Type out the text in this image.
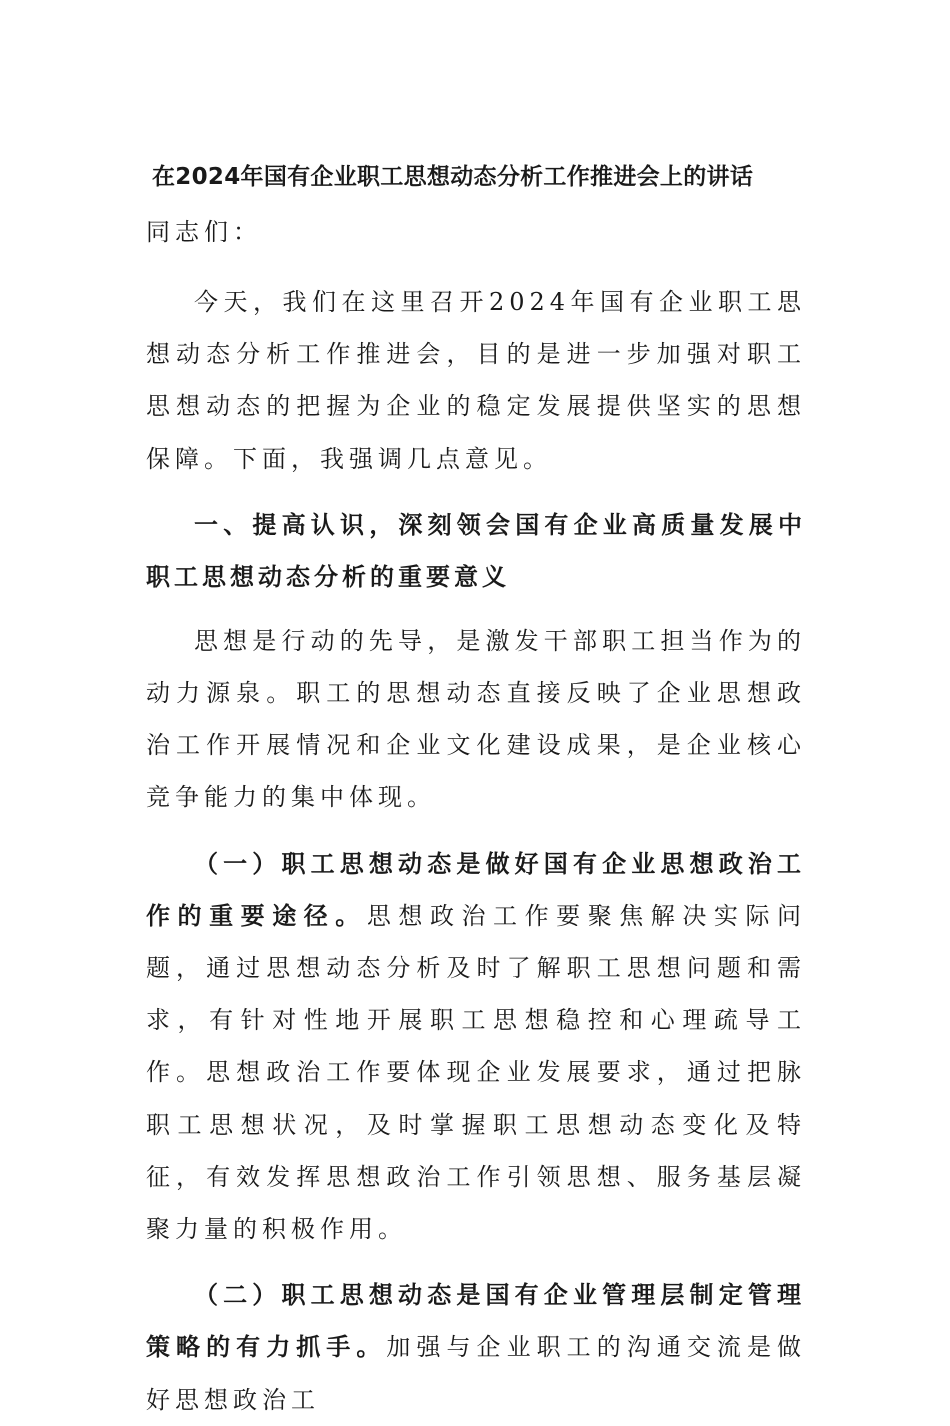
在2024年国有企业职工思想动态分析工作推进会上的讲话

同志们：

今天，我们在这里召开2024年国有企业职工思想动态分析工作推进会，目的是进一步加强对职工思想动态的把握为企业的稳定发展提供坚实的思想保障。下面，我强调几点意见。

一、提高认识，深刻领会国有企业高质量发展中职工思想动态分析的重要意义

思想是行动的先导，是激发干部职工担当作为的动力源泉。职工的思想动态直接反映了企业思想政治工作开展情况和企业文化建设成果，是企业核心竞争能力的集中体现。

（一）职工思想动态是做好国有企业思想政治工作的重要途径。思想政治工作要聚焦解决实际问题，通过思想动态分析及时了解职工思想问题和需求，有针对性地开展职工思想稳控和心理疏导工作。思想政治工作要体现企业发展要求，通过把脉职工思想状况，及时掌握职工思想动态变化及特征，有效发挥思想政治工作引领思想、服务基层凝聚力量的积极作用。

（二）职工思想动态是国有企业管理层制定管理策略的有力抓手。加强与企业职工的沟通交流是做好思想政治工
